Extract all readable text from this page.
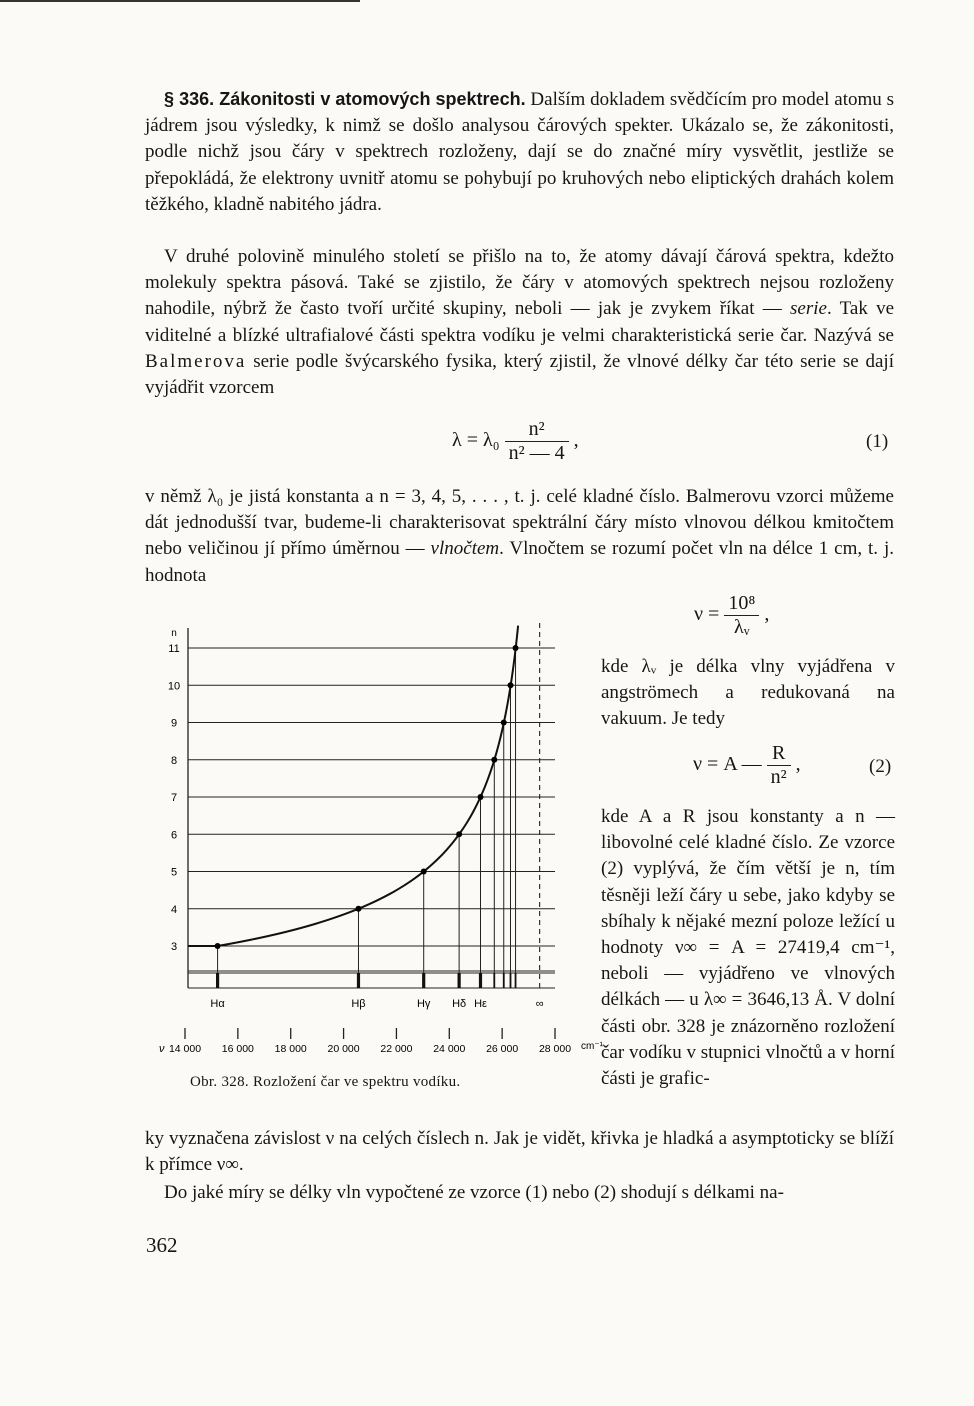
§ 336. Zákonitosti v atomových spektrech. Dalším dokladem svědčícím pro model atomu s jádrem jsou výsledky, k nimž se došlo analysou čárových spekter. Ukázalo se, že zákonitosti, podle nichž jsou čáry v spektrech rozloženy, dají se do značné míry vysvětlit, jestliže se přepokládá, že elektrony uvnitř atomu se pohybují po kruhových nebo eliptických drahách kolem těžkého, kladně nabitého jádra.

V druhé polovině minulého století se přišlo na to, že atomy dávají čárová spektra, kdežto molekuly spektra pásová. Také se zjistilo, že čáry v atomových spektrech nejsou rozloženy nahodile, nýbrž že často tvoří určité skupiny, neboli — jak je zvykem říkat — serie. Tak ve viditelné a blízké ultrafialové části spektra vodíku je velmi charakteristická serie čar. Nazývá se Balmerova serie podle švýcarského fysika, který zjistil, že vlnové délky čar této serie se dají vyjádřit vzorcem

$\lambda = \lambda_0 \frac{\text{n²}}{\text{n² — 4}}$ ,	(1)

v němž λ₀ je jistá konstanta a n = 3, 4, 5, . . . , t. j. celé kladné číslo. Balmerovu vzorci můžeme dát jednodušší tvar, budeme-li charakterisovat spektrální čáry místo vlnovou délkou kmitočtem nebo veličinou jí přímo úměrnou — vlnočtem. Vlnočtem se rozumí počet vln na délce 1 cm, t. j. hodnota

$\nu = \frac{\text{10⁸}}{\text{λᵥ}}$ ,

kde λᵥ je délka vlny vyjádřena v angströmech a redukovaná na vakuum. Je tedy

ν = A — $\frac{R}{\text{n²}}$ ,	(2)

kde A a R jsou konstanty a n — libovolné celé kladné číslo. Ze vzorce (2) vyplývá, že čím větší je n, tím těsněji leží čáry u sebe, jako kdyby se sbíhaly k nějaké mezní poloze ležící u hodnoty ν∞ = A = 27419,4 cm⁻¹, neboli — vyjádřeno ve vlnových délkách — u λ∞ = 3646,13 Å. V dolní části obr. 328 je znázorněno rozložení čar vodíku v stupnici vlnočtů a v horní části je grafic-

n
3
4
5
6
7
8
9
10
11
Hα	Hβ	Hγ Hδ Hε	∞
14 000 16 000 18 000 20 000 22 000 24 000 26 000 28 000
ν	cm⁻¹
Obr. 328. Rozložení čar ve spektru vodíku.

ky vyznačena závislost ν na celých číslech n. Jak je vidět, křivka je hladká a asymptoticky se blíží k přímce ν∞.

Do jaké míry se délky vln vypočtené ze vzorce (1) nebo (2) shodují s délkami na-

362
